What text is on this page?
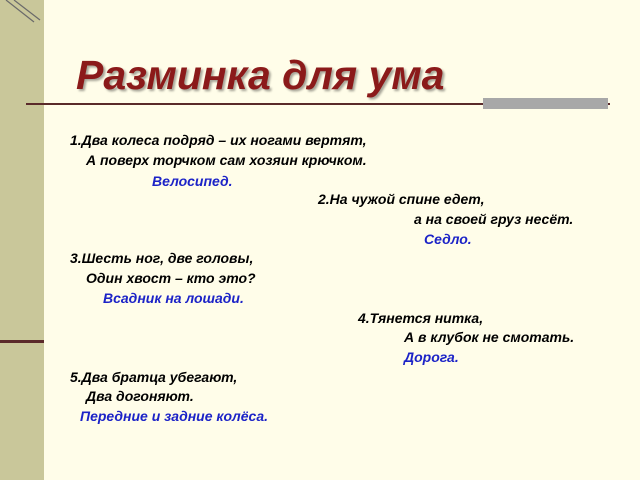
Разминка для ума
1.Два колеса подряд – их ногами вертят,
А поверх торчком сам хозяин крючком.
Велосипед.
2.На чужой спине едет,
а на своей груз несёт.
Седло.
3.Шесть ног, две головы,
Один хвост – кто это?
Всадник на лошади.
4.Тянется нитка,
А в клубок не смотать.
Дорога.
5.Два братца убегают,
Два догоняют.
Передние и задние колёса.
